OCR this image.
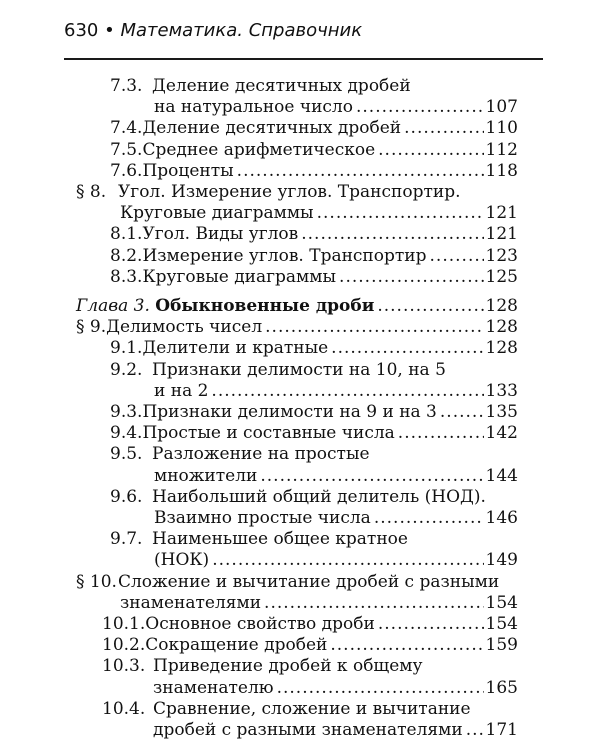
630 • Математика. Справочник
7.3. Деление десятичных дробей
на натуральное число . . .	107
7.4. Деление десятичных дробей . . .	110
7.5. Среднее арифметическое . . .	112
7.6. Проценты . . .	118
§ 8. Угол. Измерение углов. Транспортир.
Круговые диаграммы . . .	121
8.1. Угол. Виды углов . . .	121
8.2. Измерение углов. Транспортир . . .	123
8.3. Круговые диаграммы . . .	125
Глава 3.
Обыкновенные дроби . . .	128
§ 9. Делимость чисел . . .	128
9.1. Делители и кратные . . .	128
9.2. Признаки делимости на 10, на 5
и на 2 . . .	133
9.3. Признаки делимости на 9 и на 3 . . .	135
9.4. Простые и составные числа . . .	142
9.5. Разложение на простые
множители . . .	144
9.6. Наибольший общий делитель (НОД).
Взаимно простые числа . . .	146
9.7. Наименьшее общее кратное
(НОК) . . .	149
§ 10. Сложение и вычитание дробей с разными
знаменателями . . .	154
10.1. Основное свойство дроби . . .	154
10.2. Сокращение дробей . . .	159
10.3. Приведение дробей к общему
знаменателю . . .	165
10.4. Сравнение, сложение и вычитание
дробей с разными знаменателями . . . 171
